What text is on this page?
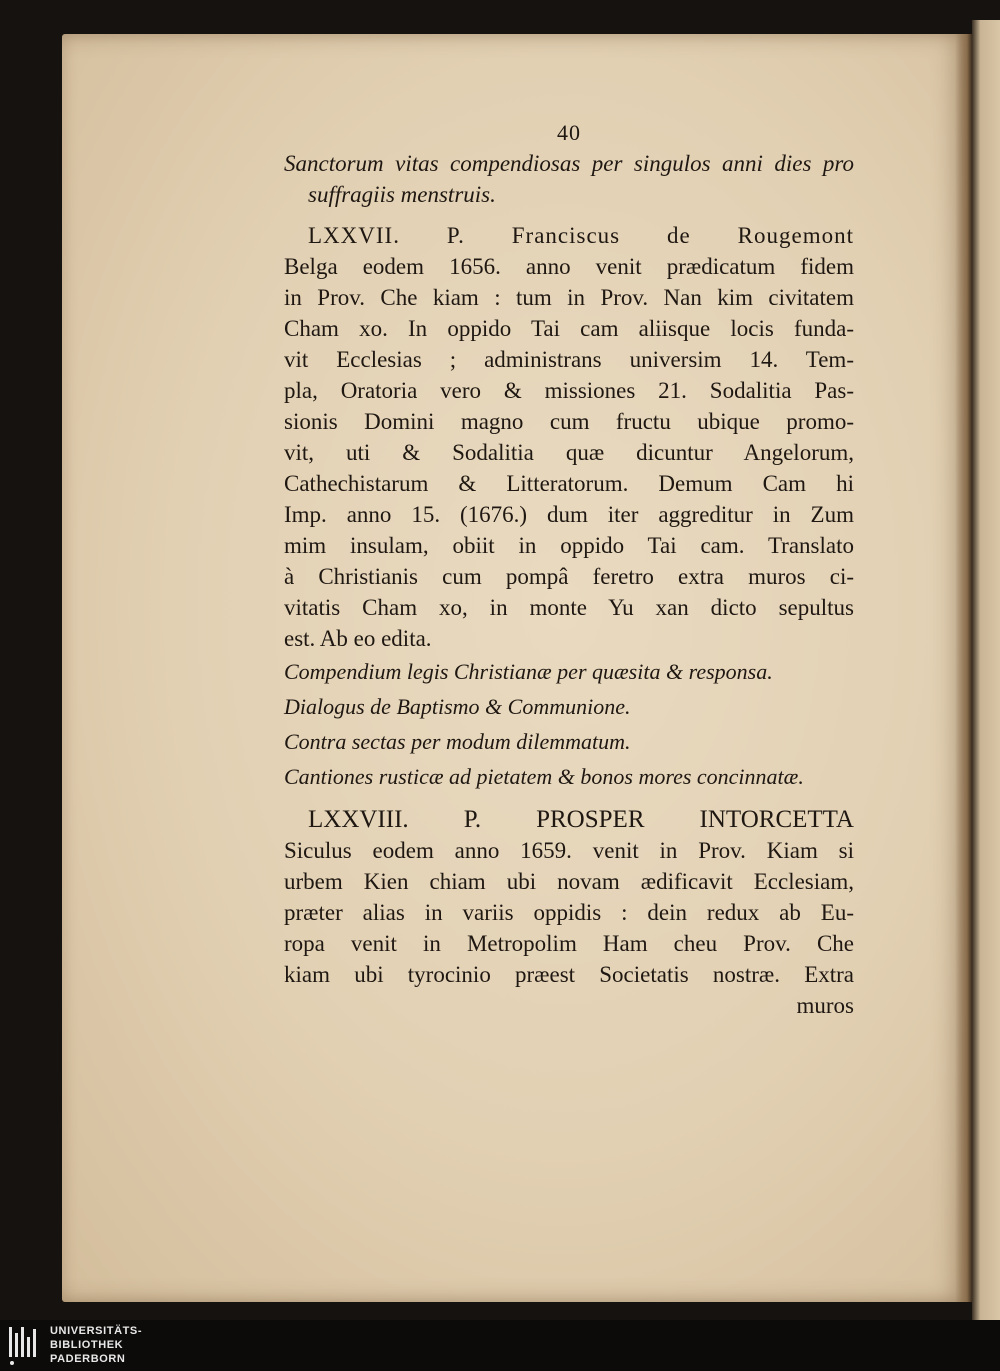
40
Sanctorum vitas compendiosas per singulos anni dies pro
suffragiis menstruis.
LXXVII. P. Franciscus de Rougemont
Belga eodem 1656. anno venit prædicatum fidem
in Prov. Che kiam : tum in Prov. Nan kim civitatem
Cham xo. In oppido Tai cam aliisque locis funda-
vit Ecclesias ; administrans universim 14. Tem-
pla, Oratoria vero & missiones 21. Sodalitia Pas-
sionis Domini magno cum fructu ubique promo-
vit, uti & Sodalitia quæ dicuntur Angelorum,
Cathechistarum & Litteratorum. Demum Cam hi
Imp. anno 15. (1676.) dum iter aggreditur in Zum
mim insulam, obiit in oppido Tai cam. Translato
à Christianis cum pompâ feretro extra muros ci-
vitatis Cham xo, in monte Yu xan dicto sepultus
est. Ab eo edita.
Compendium legis Christianæ per quæsita & responsa.
Dialogus de Baptismo & Communione.
Contra sectas per modum dilemmatum.
Cantiones rusticæ ad pietatem & bonos mores concinnatæ.
LXXVIII. P. PROSPER INTORCETTA
Siculus eodem anno 1659. venit in Prov. Kiam si
urbem Kien chiam ubi novam ædificavit Ecclesiam,
præter alias in variis oppidis : dein redux ab Eu-
ropa venit in Metropolim Ham cheu Prov. Che
kiam ubi tyrocinio præest Societatis nostræ. Extra
muros
UNIVERSITÄTS-
BIBLIOTHEK
PADERBORN
